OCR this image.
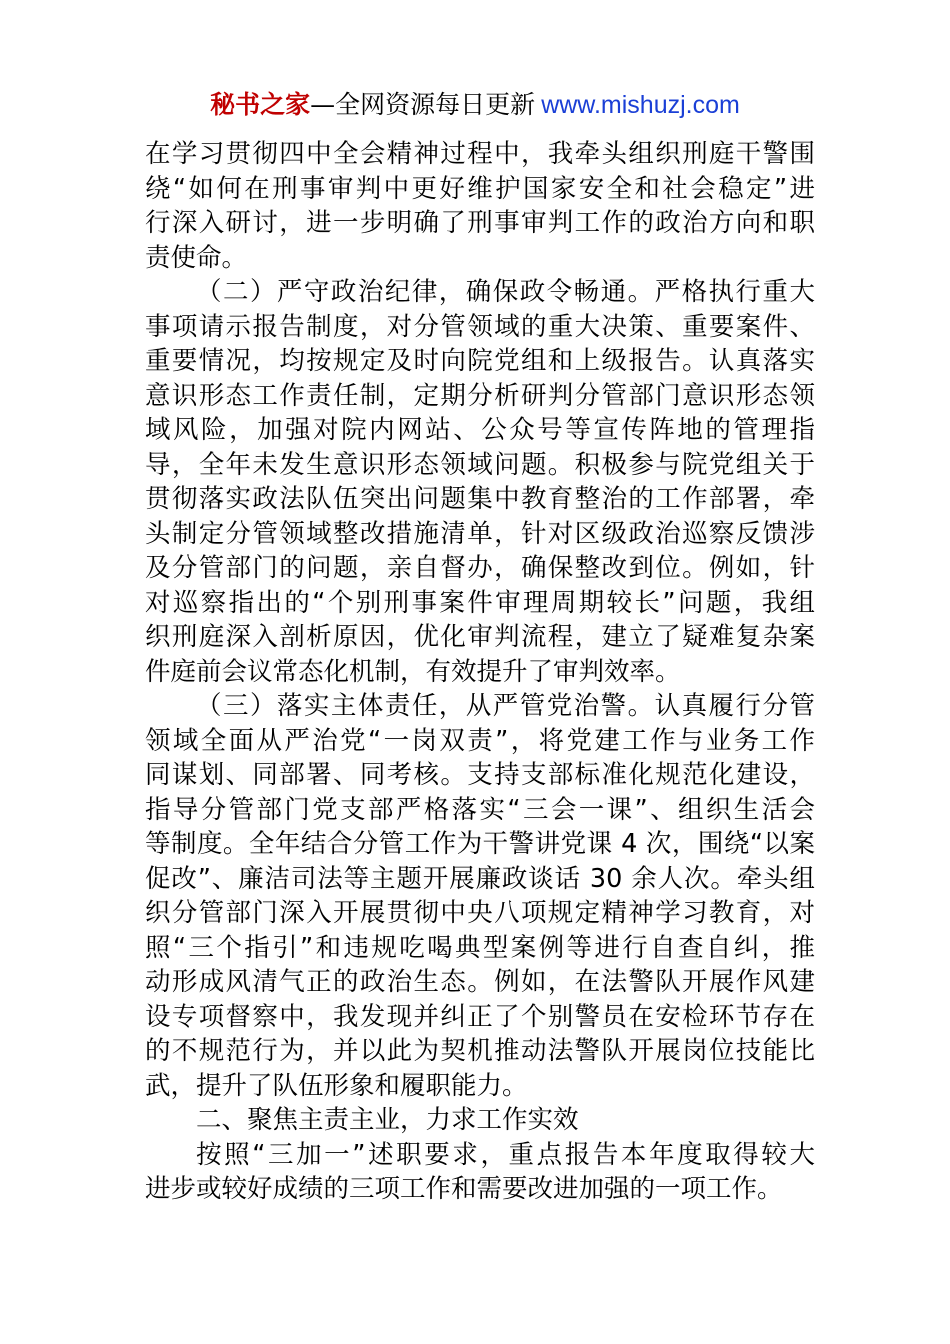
秘书之家—全网资源每日更新 www.mishuzj.com
在学习贯彻四中全会精神过程中，我牵头组织刑庭干警围
绕“如何在刑事审判中更好维护国家安全和社会稳定”进
行深入研讨，进一步明确了刑事审判工作的政治方向和职
责使命。
（二）严守政治纪律，确保政令畅通。严格执行重大
事项请示报告制度，对分管领域的重大决策、重要案件、
重要情况，均按规定及时向院党组和上级报告。认真落实
意识形态工作责任制，定期分析研判分管部门意识形态领
域风险，加强对院内网站、公众号等宣传阵地的管理指
导，全年未发生意识形态领域问题。积极参与院党组关于
贯彻落实政法队伍突出问题集中教育整治的工作部署，牵
头制定分管领域整改措施清单，针对区级政治巡察反馈涉
及分管部门的问题，亲自督办，确保整改到位。例如，针
对巡察指出的“个别刑事案件审理周期较长”问题，我组
织刑庭深入剖析原因，优化审判流程，建立了疑难复杂案
件庭前会议常态化机制，有效提升了审判效率。
（三）落实主体责任，从严管党治警。认真履行分管
领域全面从严治党“一岗双责”，将党建工作与业务工作
同谋划、同部署、同考核。支持支部标准化规范化建设，
指导分管部门党支部严格落实“三会一课”、组织生活会
等制度。全年结合分管工作为干警讲党课 4 次，围绕“以案
促改”、廉洁司法等主题开展廉政谈话 30 余人次。牵头组
织分管部门深入开展贯彻中央八项规定精神学习教育，对
照“三个指引”和违规吃喝典型案例等进行自查自纠，推
动形成风清气正的政治生态。例如，在法警队开展作风建
设专项督察中，我发现并纠正了个别警员在安检环节存在
的不规范行为，并以此为契机推动法警队开展岗位技能比
武，提升了队伍形象和履职能力。
二、聚焦主责主业，力求工作实效
按照“三加一”述职要求，重点报告本年度取得较大
进步或较好成绩的三项工作和需要改进加强的一项工作。
